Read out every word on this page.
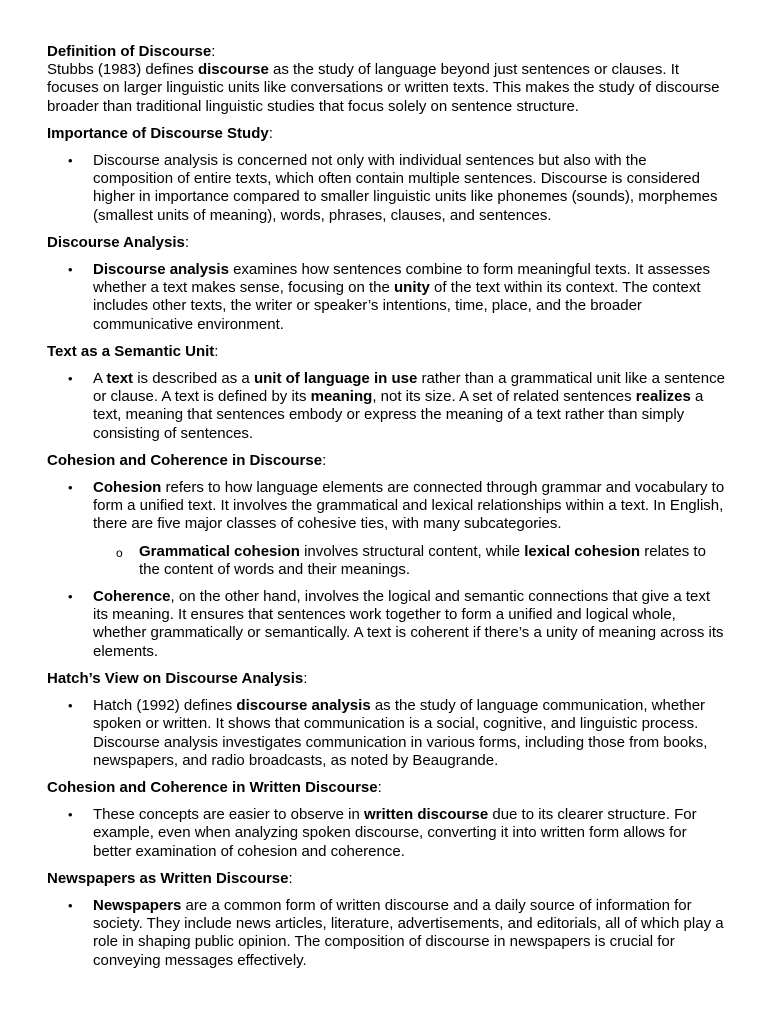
Definition of Discourse:

Stubbs (1983) defines discourse as the study of language beyond just sentences or clauses. It focuses on larger linguistic units like conversations or written texts. This makes the study of discourse broader than traditional linguistic studies that focus solely on sentence structure.

Importance of Discourse Study:
• Discourse analysis is concerned not only with individual sentences but also with the composition of entire texts, which often contain multiple sentences. Discourse is considered higher in importance compared to smaller linguistic units like phonemes (sounds), morphemes (smallest units of meaning), words, phrases, clauses, and sentences.
Discourse Analysis:
• Discourse analysis examines how sentences combine to form meaningful texts. It assesses whether a text makes sense, focusing on the unity of the text within its context. The context includes other texts, the writer or speaker’s intentions, time, place, and the broader communicative environment.
Text as a Semantic Unit:
• A text is described as a unit of language in use rather than a grammatical unit like a sentence or clause. A text is defined by its meaning, not its size. A set of related sentences realizes a text, meaning that sentences embody or express the meaning of a text rather than simply consisting of sentences.
Cohesion and Coherence in Discourse:
• Cohesion refers to how language elements are connected through grammar and vocabulary to form a unified text. It involves the grammatical and lexical relationships within a text. In English, there are five major classes of cohesive ties, with many subcategories.
o Grammatical cohesion involves structural content, while lexical cohesion relates to the content of words and their meanings.
• Coherence, on the other hand, involves the logical and semantic connections that give a text its meaning. It ensures that sentences work together to form a unified and logical whole, whether grammatically or semantically. A text is coherent if there’s a unity of meaning across its elements.
Hatch’s View on Discourse Analysis:
• Hatch (1992) defines discourse analysis as the study of language communication, whether spoken or written. It shows that communication is a social, cognitive, and linguistic process. Discourse analysis investigates communication in various forms, including those from books, newspapers, and radio broadcasts, as noted by Beaugrande.
Cohesion and Coherence in Written Discourse:
• These concepts are easier to observe in written discourse due to its clearer structure. For example, even when analyzing spoken discourse, converting it into written form allows for better examination of cohesion and coherence.
Newspapers as Written Discourse:
• Newspapers are a common form of written discourse and a daily source of information for society. They include news articles, literature, advertisements, and editorials, all of which play a role in shaping public opinion. The composition of discourse in newspapers is crucial for conveying messages effectively.
